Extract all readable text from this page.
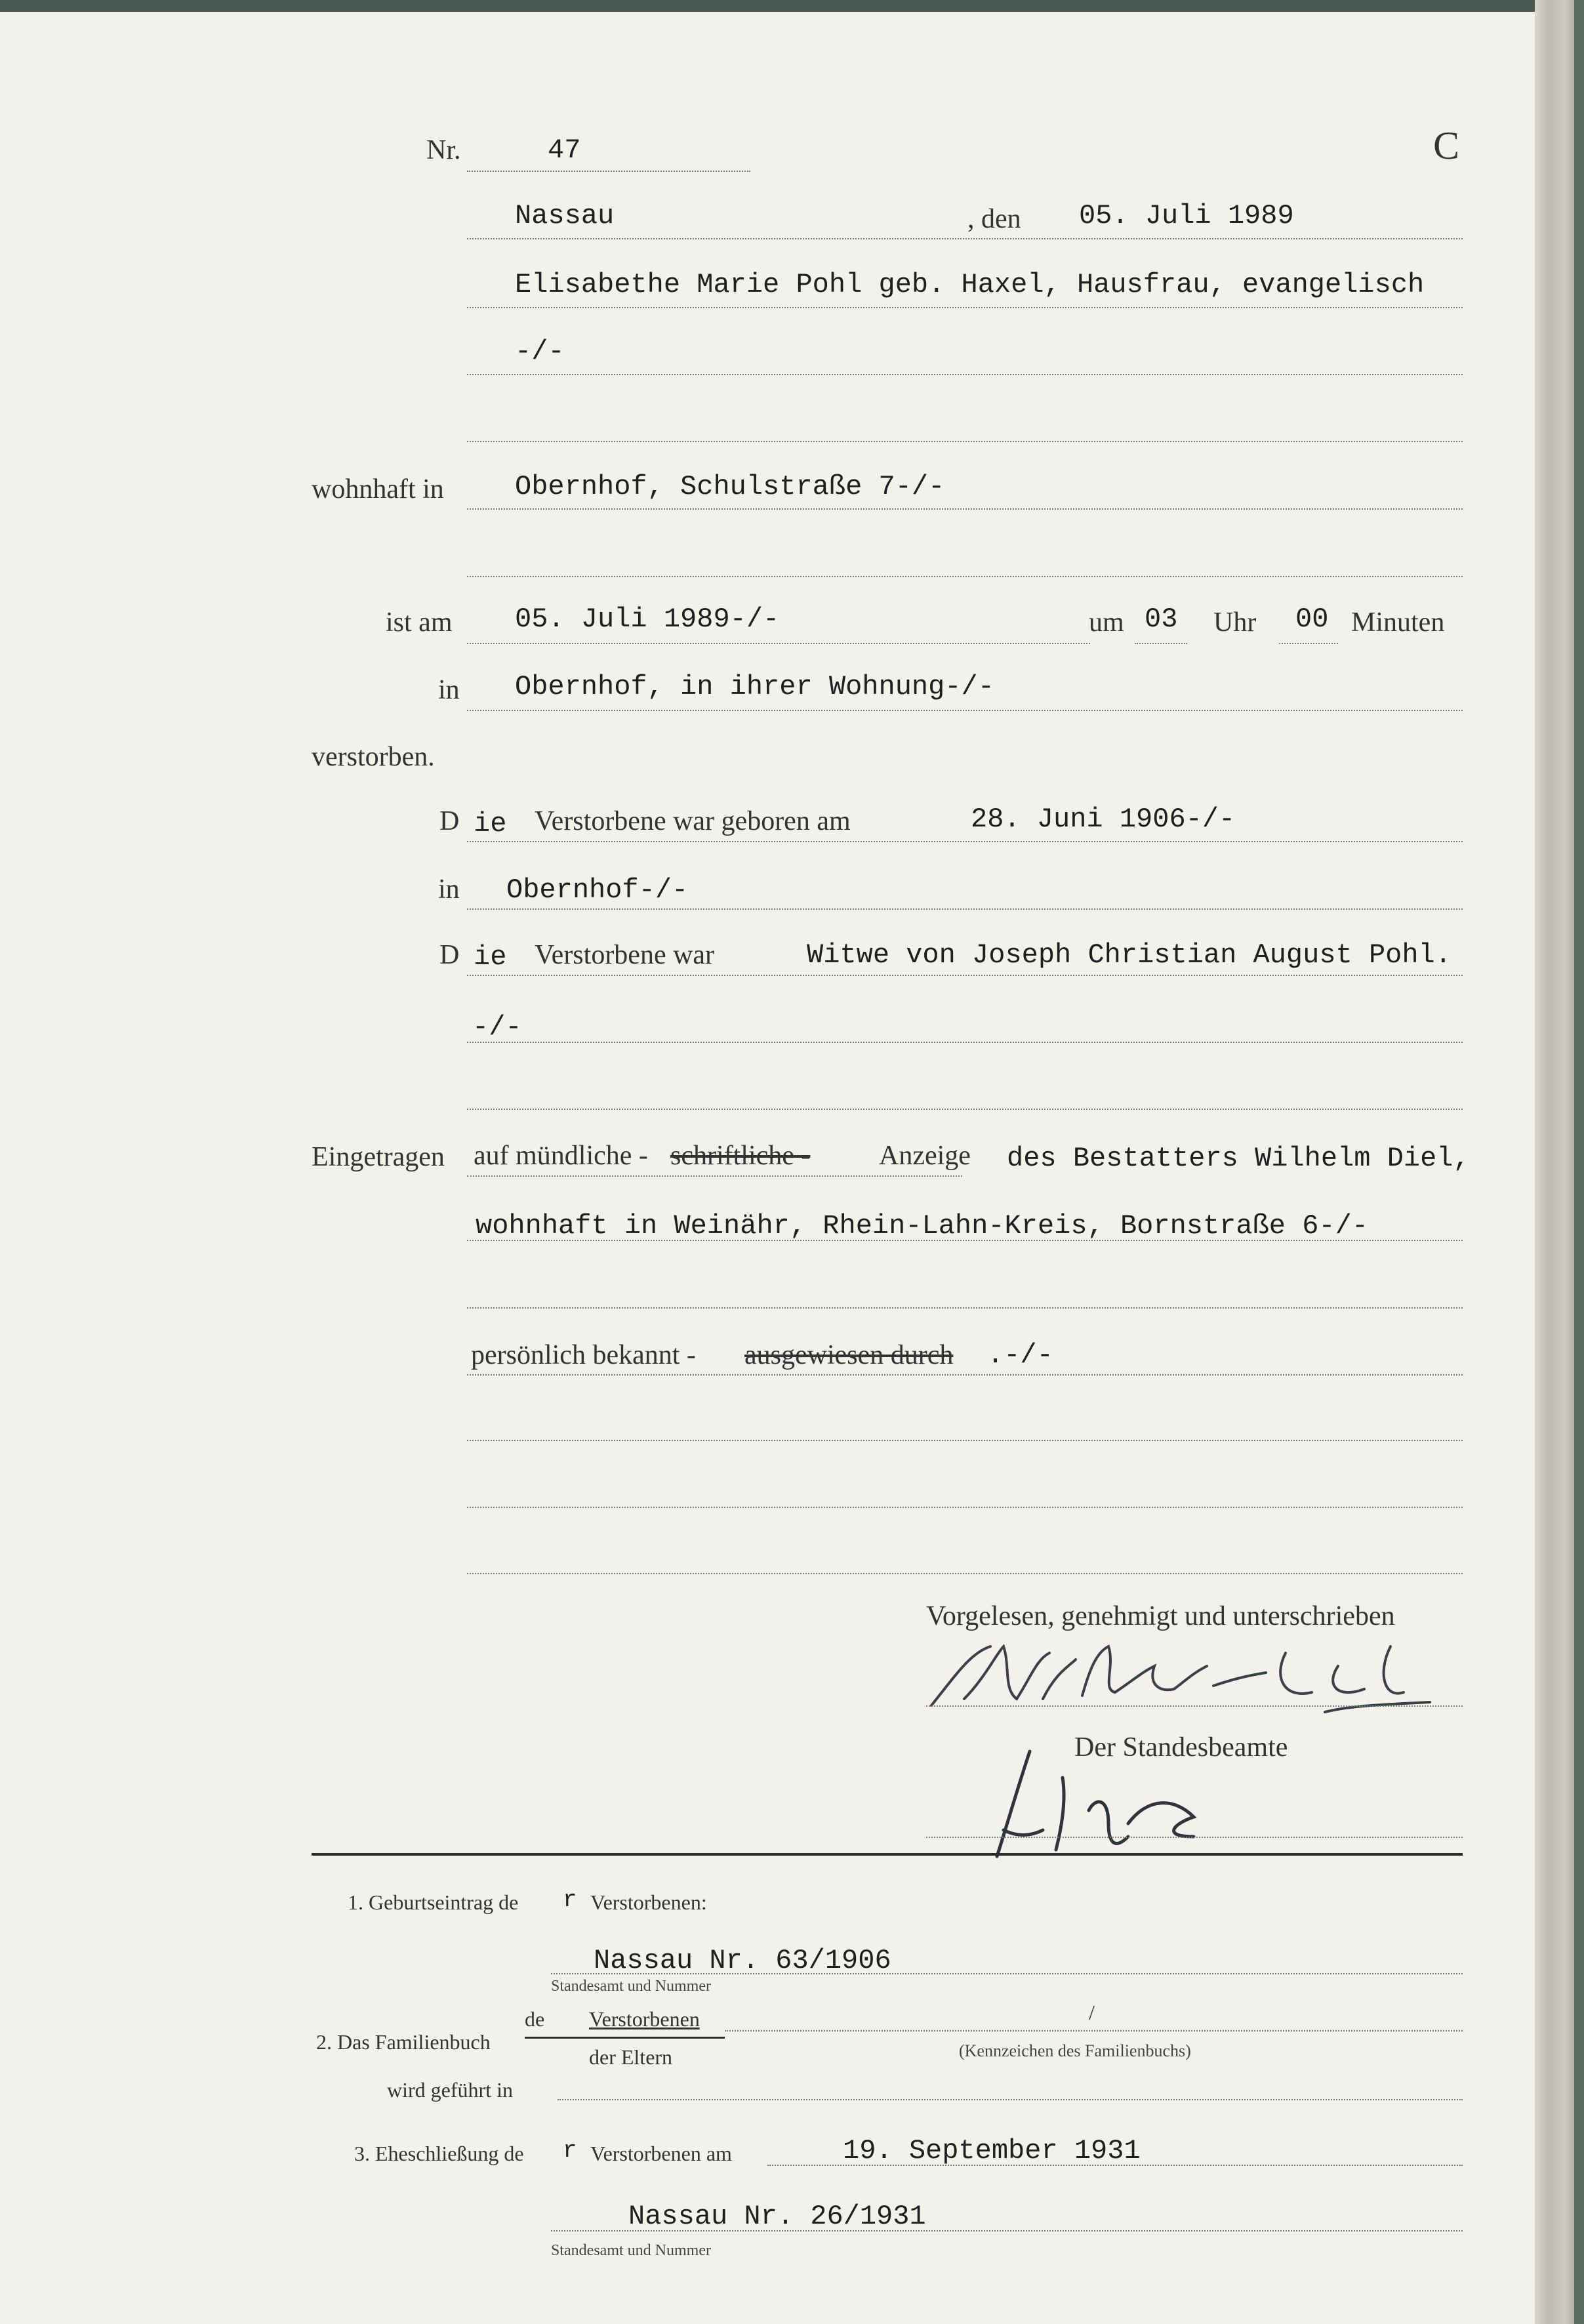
Nr.	47	C
Nassau	, den 05. Juli 1989
Elisabethe Marie Pohl geb. Haxel, Hausfrau, evangelisch
-/-
wohnhaft in	Obernhof, Schulstraße 7-/-
ist am 05. Juli 1989-/-	um 03 Uhr 00 Minuten
in Obernhof, in ihrer Wohnung-/-
verstorben.
D ie Verstorbene war geboren am	28. Juni 1906-/-
in Obernhof-/-
D ie Verstorbene war	Witwe von Joseph Christian August Pohl.
-/-
Eingetragen auf mündliche - schriftliche - Anzeige des Bestatters Wilhelm Diel,
wohnhaft in Weinähr, Rhein-Lahn-Kreis, Bornstraße 6-/-
persönlich bekannt - ausgewiesen durch .-/-
Vorgelesen, genehmigt und unterschrieben
Der Standesbeamte
1. Geburtseintrag de r Verstorbenen:
Nassau Nr. 63/1906
Standesamt und Nummer
2. Das Familienbuch
de Verstorbenen
der Eltern
/
(Kennzeichen des Familienbuchs)
wird geführt in
3. Eheschließung de r Verstorbenen am	19. September 1931
Nassau Nr. 26/1931
Standesamt und Nummer
